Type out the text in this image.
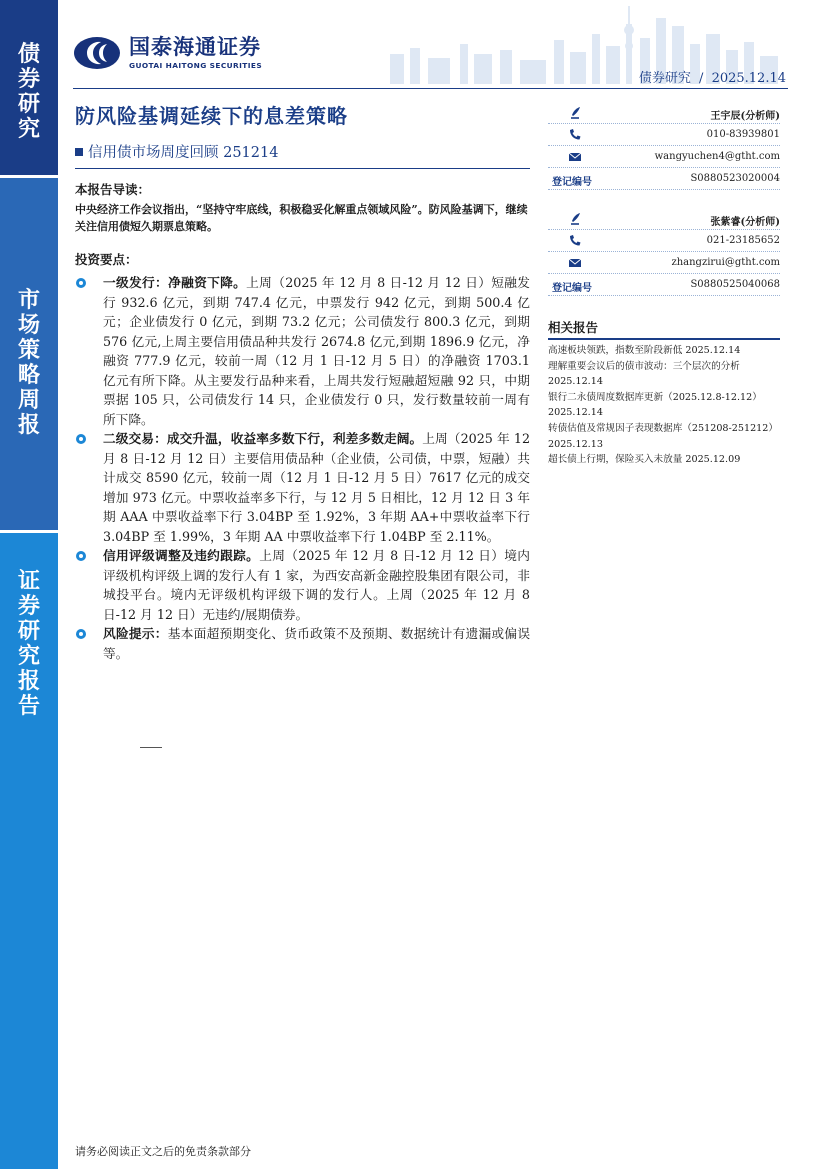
债券研究
市场策略周报
证券研究报告
国泰海通证券
GUOTAI HAITONG SECURITIES
债券研究 / 2025.12.14
防风险基调延续下的息差策略
信用债市场周度回顾 251214
王宇辰(分析师)
010-83939801
wangyuchen4@gtht.com
登记编号	S0880523020004
张紫睿(分析师)
021-23185652
zhangzirui@gtht.com
登记编号	S0880525040068
相关报告
高速板块领跌，指数至阶段新低 2025.12.14
理解重要会议后的债市波动：三个层次的分析 2025.12.14
银行二永债周度数据库更新（2025.12.8-12.12） 2025.12.14
转债估值及常规因子表现数据库（251208-251212） 2025.12.13
超长债上行期，保险买入未放量 2025.12.09
本报告导读：
中央经济工作会议指出，“坚持守牢底线，积极稳妥化解重点领域风险”。防风险基调下，继续关注信用债短久期票息策略。
投资要点：
一级发行：净融资下降。上周（2025 年 12 月 8 日-12 月 12 日）短融发行 932.6 亿元，到期 747.4 亿元，中票发行 942 亿元，到期 500.4 亿元；企业债发行 0 亿元，到期 73.2 亿元；公司债发行 800.3 亿元，到期 576 亿元,上周主要信用债品种共发行 2674.8 亿元,到期 1896.9 亿元，净融资 777.9 亿元，较前一周（12 月 1 日-12 月 5 日）的净融资 1703.1 亿元有所下降。从主要发行品种来看，上周共发行短融超短融 92 只，中期票据 105 只，公司债发行 14 只，企业债发行 0 只，发行数量较前一周有所下降。
二级交易：成交升温，收益率多数下行，利差多数走阔。上周（2025 年 12 月 8 日-12 月 12 日）主要信用债品种（企业债，公司债，中票，短融）共计成交 8590 亿元，较前一周（12 月 1 日-12 月 5 日）7617 亿元的成交增加 973 亿元。中票收益率多下行，与 12 月 5 日相比，12 月 12 日 3 年期 AAA 中票收益率下行 3.04BP 至 1.92%，3 年期 AA+中票收益率下行 3.04BP 至 1.99%，3 年期 AA 中票收益率下行 1.04BP 至 2.11%。
信用评级调整及违约跟踪。上周（2025 年 12 月 8 日-12 月 12 日）境内评级机构评级上调的发行人有 1 家，为西安高新金融控股集团有限公司，非城投平台。境内无评级机构评级下调的发行人。上周（2025 年 12 月 8 日-12 月 12 日）无违约/展期债券。
风险提示：基本面超预期变化、货币政策不及预期、数据统计有遗漏或偏误等。
请务必阅读正文之后的免责条款部分
